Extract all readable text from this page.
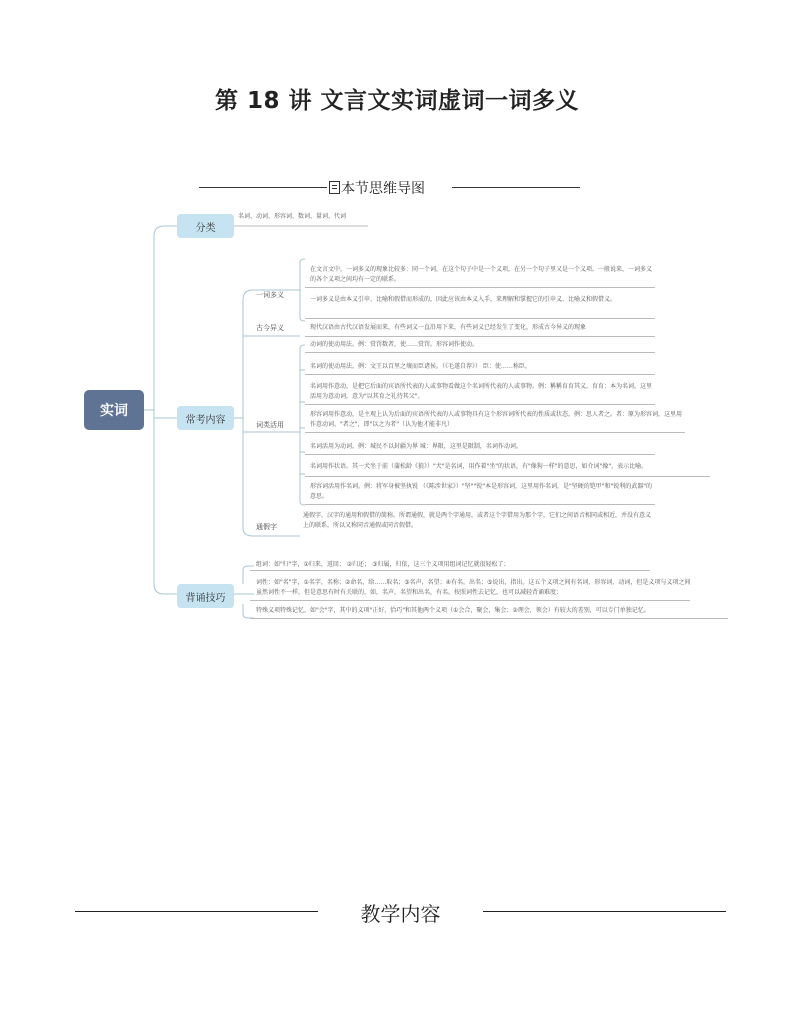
第 18 讲 文言文实词虚词一词多义
本节思维导图
实词
分类
名词、动词、形容词、数词、量词、代词
常考内容
一词多义
在文言文中，一词多义的现象比较多：同一个词，在这个句子中是一个义项，在另一个句子里又是一个义项。一般说来，一词多义的各个义项之间均有一定的联系。
一词多义是由本义引申、比喻和假借而形成的，因此应该由本义入手，来理解和掌握它的引申义、比喻义和假借义。
古今异义	现代汉语由古代汉语发展而来，有些词义一直沿用下来，有些词义已经发生了变化，形成古今异义的现象
词类活用
动词的使动用法。例：赏罚数者，使……赏罚。形容词作使动。
名词的使动用法。例：文王以百里之壤而臣诸侯。（《毛遂自荐》） 臣：使……称臣。
名词用作意动，是把它后面的宾语所代表的人或事物看做这个名词所代表的人或事物。例：稱稱育育其义。育育：本为名词，这里活用为意动词，意为"以其育之礼待其父"。
形容词用作意动，是主观上认为后面的宾语所代表的人或事物具有这个形容词所代表的性质或状态。例：思人者之。者：原为形容词，这里用作意动词。"者之"，即"以之为者"（认为他才能非凡）
名词活用为动词。例：城民不以封疆为界 城：界限，这里是限制，名词作动词。
名词用作状语。其一犬坐于前（蒲松龄《狼》）"犬"是名词，用作着"坐"的状语，有"像狗一样"的意思，如介词"像"，表示比喻。
形容词活用作名词。例：将军身被坚执锐 （《陈涉世家》）"坚""锐"本是形容词，这里用作名词，是"坚硬的铠甲"和"锐利的武器"的意思。
通假字
通假字，汉字的通用和假借的简称。所谓通假，就是两个字通用，或者这个字借用为那个字，它们之间语音相同或相近，并没有意义上的联系，所以又称同音通假或同音假借。
背诵技巧
组词：如"归"字，①归来，返回； ②归还； ③归属，归依，这三个义项用组词记忆就很轻松了；
词性：如"名"字，①名字，名称；②命名，给……取名；③名声，名望；④有名，出名；⑤说出，指出。这五个义项之间有名词、形容词、动词，但是义项与义项之间虽然词性不一样，但是意思有时有关联的，如，名声，名望和出名，有名。按照词性去记忆，也可以减轻背诵难度；
特殊义项特殊记忆，如"会"字，其中的义项"正好，恰巧"和其他两个义项（①会合，聚会，集会；②理会，领会）有较大的差别，可以专门单独记忆。
教学内容
